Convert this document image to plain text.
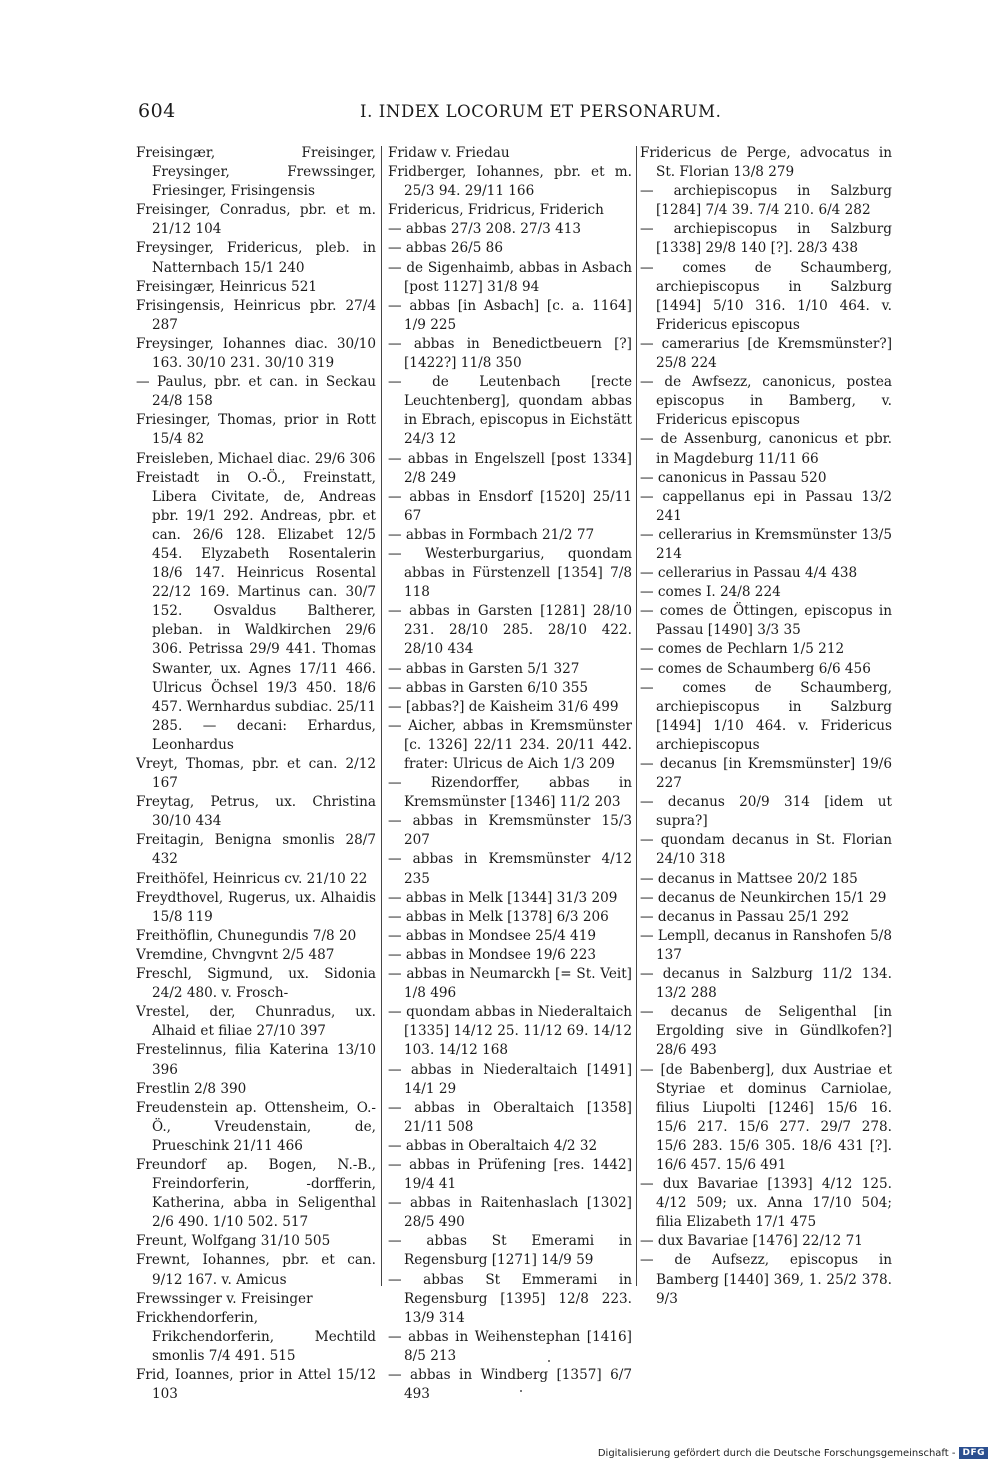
604	I. INDEX LOCORUM ET PERSONARUM.

Freisingær, Freisinger, Freysinger, Frewssinger, Friesinger, Frisingensis

Freisinger, Conradus, pbr. et m. 21/12 104

Freysinger, Fridericus, pleb. in Natternbach 15/1 240

Freisingær, Heinricus 521

Frisingensis, Heinricus pbr. 27/4 287

Freysinger, Iohannes diac. 30/10 163. 30/10 231. 30/10 319

— Paulus, pbr. et can. in Seckau 24/8 158

Friesinger, Thomas, prior in Rott 15/4 82

Freisleben, Michael diac. 29/6 306

Freistadt in O.-Ö., Freinstatt, Libera Civitate, de, Andreas pbr. 19/1 292. Andreas, pbr. et can. 26/6 128. Elizabet 12/5 454. Elyzabeth Rosentalerin 18/6 147. Heinricus Rosental 22/12 169. Martinus can. 30/7 152. Osvaldus Baltherer, pleban. in Waldkirchen 29/6 306. Petrissa 29/9 441. Thomas Swanter, ux. Agnes 17/11 466. Ulricus Öchsel 19/3 450. 18/6 457. Wernhardus subdiac. 25/11 285. — decani: Erhardus, Leonhardus

Vreyt, Thomas, pbr. et can. 2/12 167

Freytag, Petrus, ux. Christina 30/10 434

Freitagin, Benigna smonlis 28/7 432

Freithöfel, Heinricus cv. 21/10 22

Freydthovel, Rugerus, ux. Alhaidis 15/8 119

Freithöflin, Chunegundis 7/8 20

Vremdine, Chvngvnt 2/5 487

Freschl, Sigmund, ux. Sidonia 24/2 480. v. Frosch-

Vrestel, der, Chunradus, ux. Alhaid et filiae 27/10 397

Frestelinnus, filia Katerina 13/10 396

Frestlin 2/8 390

Freudenstein ap. Ottensheim, O.-Ö., Vreudenstain, de, Prueschink 21/11 466

Freundorf ap. Bogen, N.-B., Freindorferin, -dorfferin, Katherina, abba in Seligenthal 2/6 490. 1/10 502. 517

Freunt, Wolfgang 31/10 505

Frewnt, Iohannes, pbr. et can. 9/12 167. v. Amicus

Frewssinger v. Freisinger

Frickhendorferin, Frikchendorferin, Mechtild smonlis 7/4 491. 515

Frid, Ioannes, prior in Attel 15/12 103

Fridaw v. Friedau

Fridberger, Iohannes, pbr. et m. 25/3 94. 29/11 166

Fridericus, Fridricus, Friderich

— abbas 27/3 208. 27/3 413

— abbas 26/5 86

— de Sigenhaimb, abbas in Asbach [post 1127] 31/8 94

— abbas [in Asbach] [c. a. 1164] 1/9 225

— abbas in Benedictbeuern [?] [1422?] 11/8 350

— de Leutenbach [recte Leuchtenberg], quondam abbas in Ebrach, episcopus in Eichstätt 24/3 12

— abbas in Engelszell [post 1334] 2/8 249

— abbas in Ensdorf [1520] 25/11 67

— abbas in Formbach 21/2 77

— Westerburgarius, quondam abbas in Fürstenzell [1354] 7/8 118

— abbas in Garsten [1281] 28/10 231. 28/10 285. 28/10 422. 28/10 434

— abbas in Garsten 5/1 327

— abbas in Garsten 6/10 355

— [abbas?] de Kaisheim 31/6 499

— Aicher, abbas in Kremsmünster [c. 1326] 22/11 234. 20/11 442. frater: Ulricus de Aich 1/3 209

— Rizendorffer, abbas in Kremsmünster [1346] 11/2 203

— abbas in Kremsmünster 15/3 207

— abbas in Kremsmünster 4/12 235

— abbas in Melk [1344] 31/3 209

— abbas in Melk [1378] 6/3 206

— abbas in Mondsee 25/4 419

— abbas in Mondsee 19/6 223

— abbas in Neumarckh [= St. Veit] 1/8 496

— quondam abbas in Niederaltaich [1335] 14/12 25. 11/12 69. 14/12 103. 14/12 168

— abbas in Niederaltaich [1491] 14/1 29

— abbas in Oberaltaich [1358] 21/11 508

— abbas in Oberaltaich 4/2 32

— abbas in Prüfening [res. 1442] 19/4 41

— abbas in Raitenhaslach [1302] 28/5 490

— abbas St Emerami in Regensburg [1271] 14/9 59

— abbas St Emmerami in Regensburg [1395] 12/8 223. 13/9 314

— abbas in Weihenstephan [1416] 8/5 213

— abbas in Windberg [1357] 6/7 493

Fridericus de Perge, advocatus in St. Florian 13/8 279

— archiepiscopus in Salzburg [1284] 7/4 39. 7/4 210. 6/4 282

— archiepiscopus in Salzburg [1338] 29/8 140 [?]. 28/3 438

— comes de Schaumberg, archiepiscopus in Salzburg [1494] 5/10 316. 1/10 464. v. Fridericus episcopus

— camerarius [de Kremsmünster?] 25/8 224

— de Awfsezz, canonicus, postea episcopus in Bamberg, v. Fridericus episcopus

— de Assenburg, canonicus et pbr. in Magdeburg 11/11 66

— canonicus in Passau 520

— cappellanus epi in Passau 13/2 241

— cellerarius in Kremsmünster 13/5 214

— cellerarius in Passau 4/4 438

— comes I. 24/8 224

— comes de Öttingen, episcopus in Passau [1490] 3/3 35

— comes de Pechlarn 1/5 212

— comes de Schaumberg 6/6 456

— comes de Schaumberg, archiepiscopus in Salzburg [1494] 1/10 464. v. Fridericus archiepiscopus

— decanus [in Kremsmünster] 19/6 227

— decanus 20/9 314 [idem ut supra?]

— quondam decanus in St. Florian 24/10 318

— decanus in Mattsee 20/2 185

— decanus de Neunkirchen 15/1 29

— decanus in Passau 25/1 292

— Lempll, decanus in Ranshofen 5/8 137

— decanus in Salzburg 11/2 134. 13/2 288

— decanus de Seligenthal [in Ergolding sive in Gündlkofen?] 28/6 493

— [de Babenberg], dux Austriae et Styriae et dominus Carniolae, filius Liupolti [1246] 15/6 16. 15/6 217. 15/6 277. 29/7 278. 15/6 283. 15/6 305. 18/6 431 [?]. 16/6 457. 15/6 491

— dux Bavariae [1393] 4/12 125. 4/12 509; ux. Anna 17/10 504; filia Elizabeth 17/1 475

— dux Bavariae [1476] 22/12 71

— de Aufsezz, episcopus in Bamberg [1440] 369, 1. 25/2 378. 9/3

Digitalisierung gefördert durch die Deutsche Forschungsgemeinschaft - DFG
